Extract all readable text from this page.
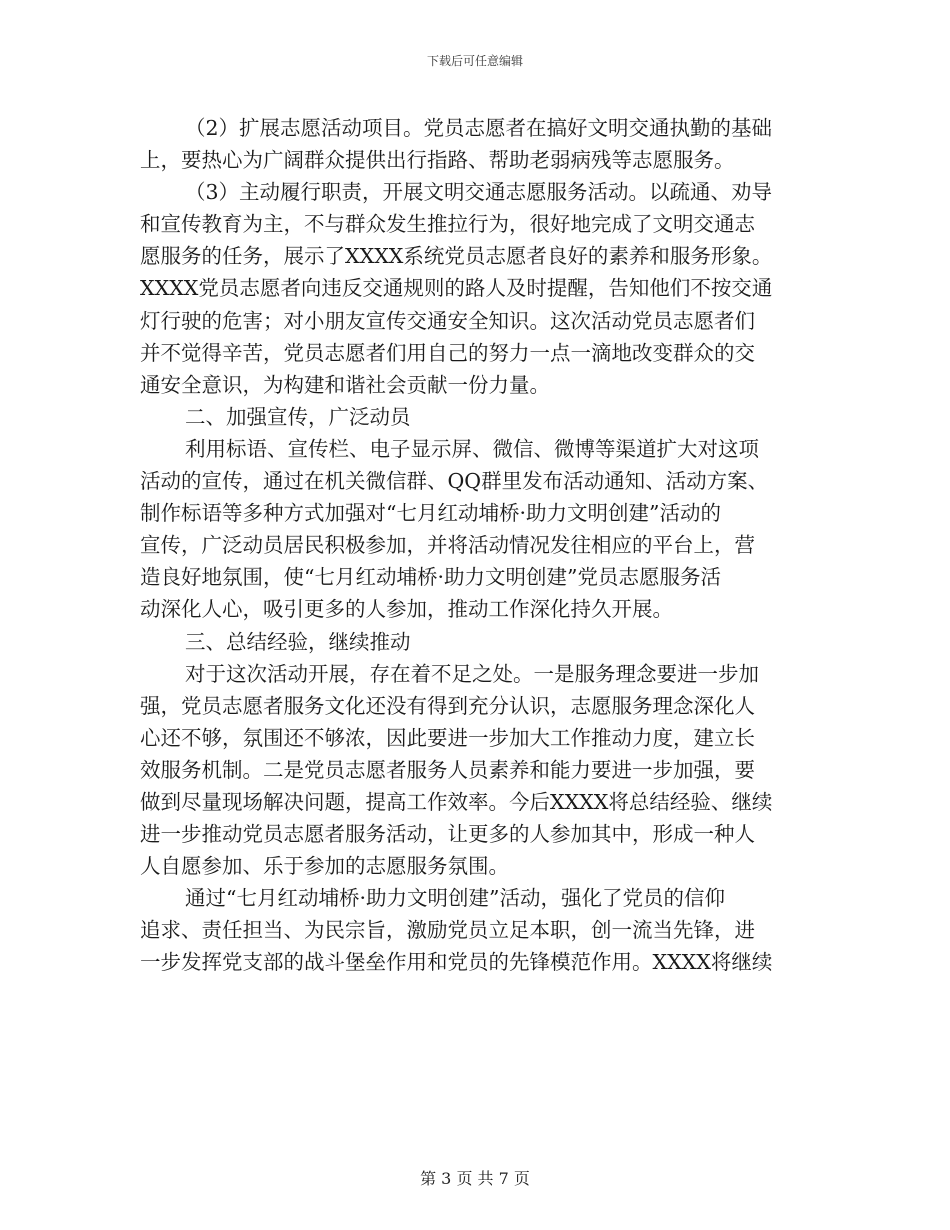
下载后可任意编辑
（2）扩展志愿活动项目。党员志愿者在搞好文明交通执勤的基础
上，要热心为广阔群众提供出行指路、帮助老弱病残等志愿服务。
（3）主动履行职责，开展文明交通志愿服务活动。以疏通、劝导
和宣传教育为主，不与群众发生推拉行为，很好地完成了文明交通志
愿服务的任务，展示了XXXX系统党员志愿者良好的素养和服务形象。
XXXX党员志愿者向违反交通规则的路人及时提醒，告知他们不按交通
灯行驶的危害；对小朋友宣传交通安全知识。这次活动党员志愿者们
并不觉得辛苦，党员志愿者们用自己的努力一点一滴地改变群众的交
通安全意识，为构建和谐社会贡献一份力量。
二、加强宣传，广泛动员
利用标语、宣传栏、电子显示屏、微信、微博等渠道扩大对这项
活动的宣传，通过在机关微信群、QQ群里发布活动通知、活动方案、
制作标语等多种方式加强对“七月红动埔桥·助力文明创建”活动的
宣传，广泛动员居民积极参加，并将活动情况发往相应的平台上，营
造良好地氛围，使“七月红动埔桥·助力文明创建”党员志愿服务活
动深化人心，吸引更多的人参加，推动工作深化持久开展。
三、总结经验，继续推动
对于这次活动开展，存在着不足之处。一是服务理念要进一步加
强，党员志愿者服务文化还没有得到充分认识，志愿服务理念深化人
心还不够，氛围还不够浓，因此要进一步加大工作推动力度，建立长
效服务机制。二是党员志愿者服务人员素养和能力要进一步加强，要
做到尽量现场解决问题，提高工作效率。今后XXXX将总结经验、继续
进一步推动党员志愿者服务活动，让更多的人参加其中，形成一种人
人自愿参加、乐于参加的志愿服务氛围。
通过“七月红动埔桥·助力文明创建”活动，强化了党员的信仰
追求、责任担当、为民宗旨，激励党员立足本职，创一流当先锋，进
一步发挥党支部的战斗堡垒作用和党员的先锋模范作用。XXXX将继续
第 3 页 共 7 页
